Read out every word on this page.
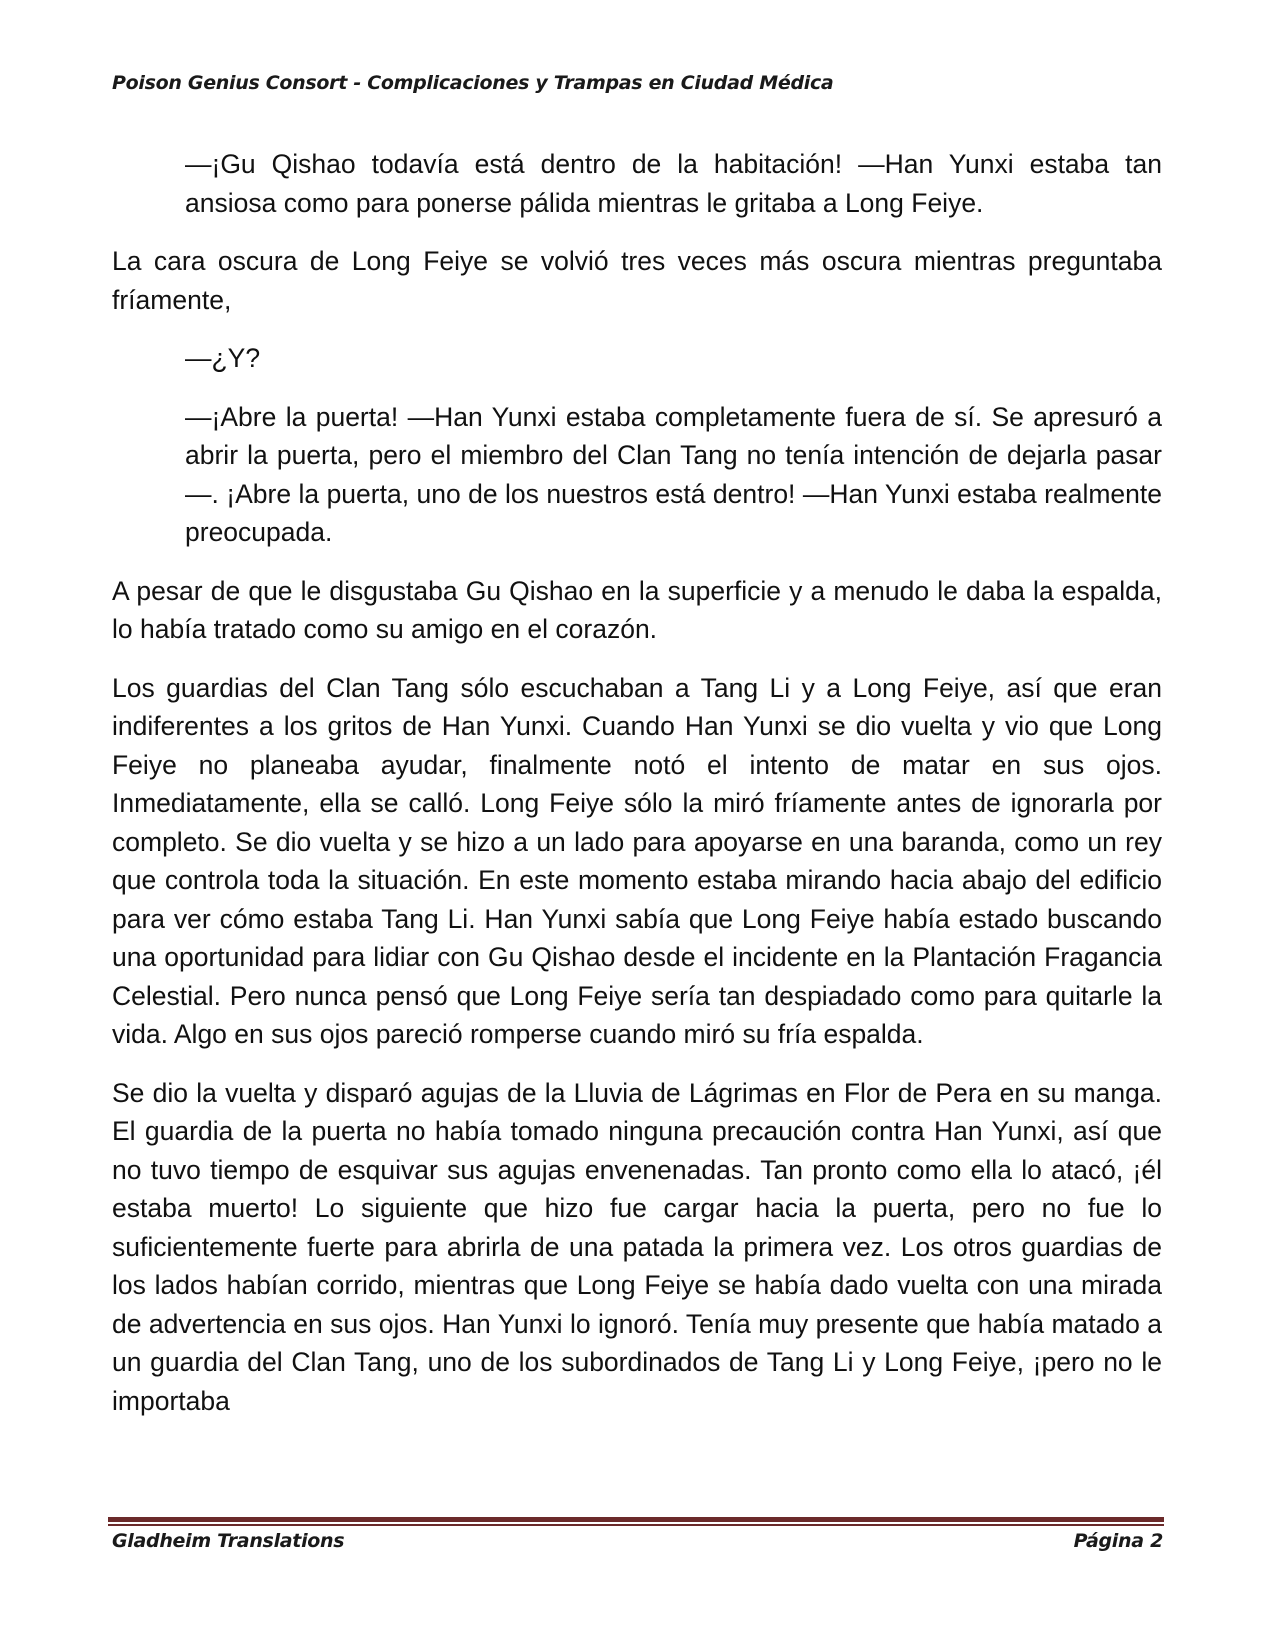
Poison Genius Consort - Complicaciones y Trampas en Ciudad Médica

—¡Gu Qishao todavía está dentro de la habitación! —Han Yunxi estaba tan ansiosa como para ponerse pálida mientras le gritaba a Long Feiye.

La cara oscura de Long Feiye se volvió tres veces más oscura mientras preguntaba fríamente,

—¿Y?

—¡Abre la puerta! —Han Yunxi estaba completamente fuera de sí. Se apresuró a abrir la puerta, pero el miembro del Clan Tang no tenía intención de dejarla pasar—. ¡Abre la puerta, uno de los nuestros está dentro! —Han Yunxi estaba realmente preocupada.

A pesar de que le disgustaba Gu Qishao en la superficie y a menudo le daba la espalda, lo había tratado como su amigo en el corazón.

Los guardias del Clan Tang sólo escuchaban a Tang Li y a Long Feiye, así que eran indiferentes a los gritos de Han Yunxi. Cuando Han Yunxi se dio vuelta y vio que Long Feiye no planeaba ayudar, finalmente notó el intento de matar en sus ojos. Inmediatamente, ella se calló. Long Feiye sólo la miró fríamente antes de ignorarla por completo. Se dio vuelta y se hizo a un lado para apoyarse en una baranda, como un rey que controla toda la situación. En este momento estaba mirando hacia abajo del edificio para ver cómo estaba Tang Li. Han Yunxi sabía que Long Feiye había estado buscando una oportunidad para lidiar con Gu Qishao desde el incidente en la Plantación Fragancia Celestial. Pero nunca pensó que Long Feiye sería tan despiadado como para quitarle la vida. Algo en sus ojos pareció romperse cuando miró su fría espalda.

Se dio la vuelta y disparó agujas de la Lluvia de Lágrimas en Flor de Pera en su manga. El guardia de la puerta no había tomado ninguna precaución contra Han Yunxi, así que no tuvo tiempo de esquivar sus agujas envenenadas. Tan pronto como ella lo atacó, ¡él estaba muerto! Lo siguiente que hizo fue cargar hacia la puerta, pero no fue lo suficientemente fuerte para abrirla de una patada la primera vez. Los otros guardias de los lados habían corrido, mientras que Long Feiye se había dado vuelta con una mirada de advertencia en sus ojos. Han Yunxi lo ignoró. Tenía muy presente que había matado a un guardia del Clan Tang, uno de los subordinados de Tang Li y Long Feiye, ¡pero no le importaba

Gladheim Translations	Página 2
